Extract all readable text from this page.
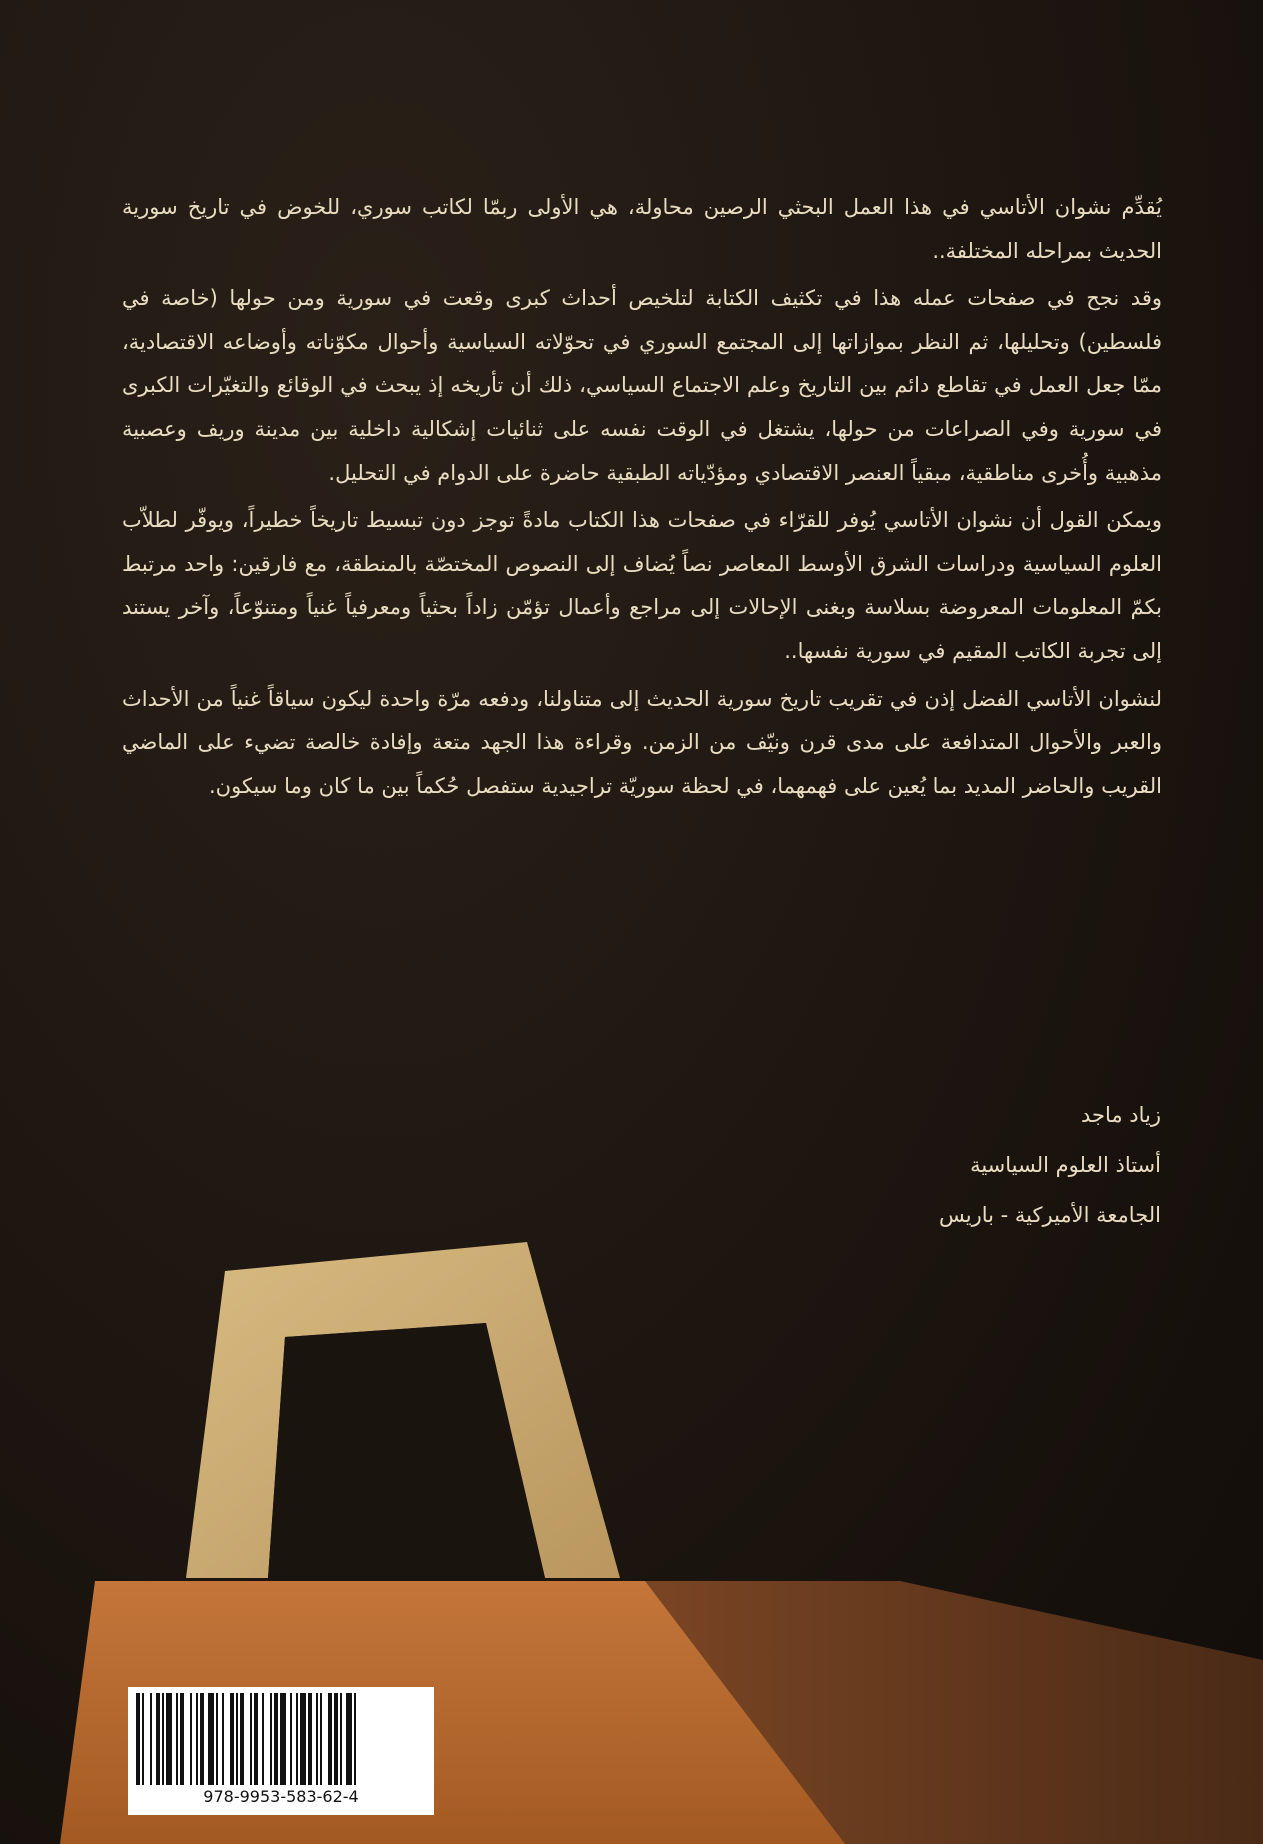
يُقدِّم نشوان الأتاسي في هذا العمل البحثي الرصين محاولة، هي الأولى ربمّا لكاتب سوري، للخوض في تاريخ سورية الحديث بمراحله المختلفة..

وقد نجح في صفحات عمله هذا في تكثيف الكتابة لتلخيص أحداث كبرى وقعت في سورية ومن حولها (خاصة في فلسطين) وتحليلها، ثم النظر بموازاتها إلى المجتمع السوري في تحوّلاته السياسية وأحوال مكوّناته وأوضاعه الاقتصادية، ممّا جعل العمل في تقاطع دائم بين التاريخ وعلم الاجتماع السياسي، ذلك أن تأريخه إذ يبحث في الوقائع والتغيّرات الكبرى في سورية وفي الصراعات من حولها، يشتغل في الوقت نفسه على ثنائيات إشكالية داخلية بين مدينة وريف وعصبية مذهبية وأُخرى مناطقية، مبقياً العنصر الاقتصادي ومؤدّياته الطبقية حاضرة على الدوام في التحليل.

ويمكن القول أن نشوان الأتاسي يُوفر للقرّاء في صفحات هذا الكتاب مادةً توجز دون تبسيط تاريخاً خطيراً، ويوفّر لطلاّب العلوم السياسية ودراسات الشرق الأوسط المعاصر نصاً يُضاف إلى النصوص المختصّة بالمنطقة، مع فارقين: واحد مرتبط بكمّ المعلومات المعروضة بسلاسة وبغنى الإحالات إلى مراجع وأعمال تؤمّن زاداً بحثياً ومعرفياً غنياً ومتنوّعاً، وآخر يستند إلى تجربة الكاتب المقيم في سورية نفسها..

لنشوان الأتاسي الفضل إذن في تقريب تاريخ سورية الحديث إلى متناولنا، ودفعه مرّة واحدة ليكون سياقاً غنياً من الأحداث والعبر والأحوال المتدافعة على مدى قرن ونيّف من الزمن. وقراءة هذا الجهد متعة وإفادة خالصة تضيء على الماضي القريب والحاضر المديد بما يُعين على فهمهما، في لحظة سوريّة تراجيدية ستفصل حُكماً بين ما كان وما سيكون.

زياد ماجد
أستاذ العلوم السياسية
الجامعة الأميركية - باريس
978-9953-583-62-4
